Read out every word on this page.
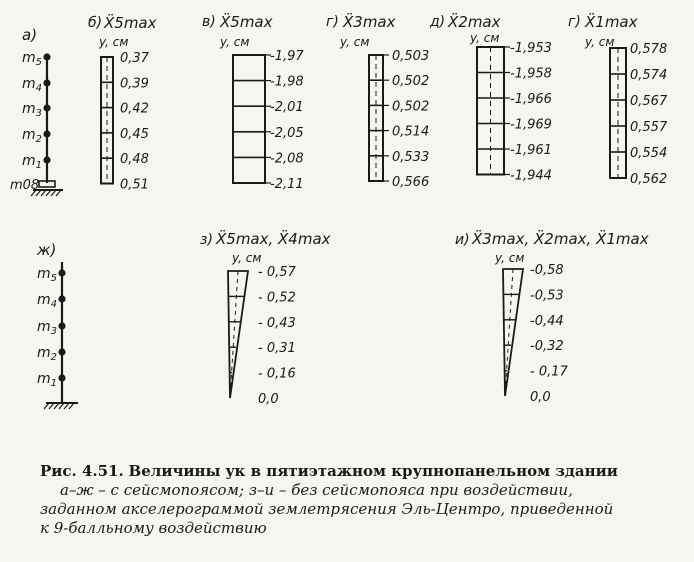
а)
$m_5$
$m_4$
$m_3$
$m_2$
$m_1$
m08
ж)
$m_5$
$m_4$
$m_3$
$m_2$
$m_1$
б) Ẍ5max
y, см
0,37
0,39
0,42
0,45
0,48
0,51
в) Ẍ5max
y, см
-1,97
-1,98
-2,01
-2,05
-2,08
-2,11
г) Ẍ3max
y, см
0,503
0,502
0,502
0,514
0,533
0,566
д) Ẍ2max
y, см
-1,953
-1,958
-1,966
-1,969
-1,961
-1,944
г) Ẍ1max
y, см 0,578
0,574
0,567
0,557
0,554
0,562
з) Ẍ5max, Ẍ4max
y, см
- 0,57
- 0,52
- 0,43
- 0,31
- 0,16
0,0
и) Ẍ3max, Ẍ2max, Ẍ1max
y, см
-0,58
-0,53
-0,44
-0,32
- 0,17
0,0
Рис. 4.51. Величины yк в пятиэтажном крупнопанельном здании
а–ж – с сейсмопоясом; з–и – без сейсмопояса при воздействии,
заданном акселерограммой землетрясения Эль-Центро, приведенной
к 9-балльному воздействию
